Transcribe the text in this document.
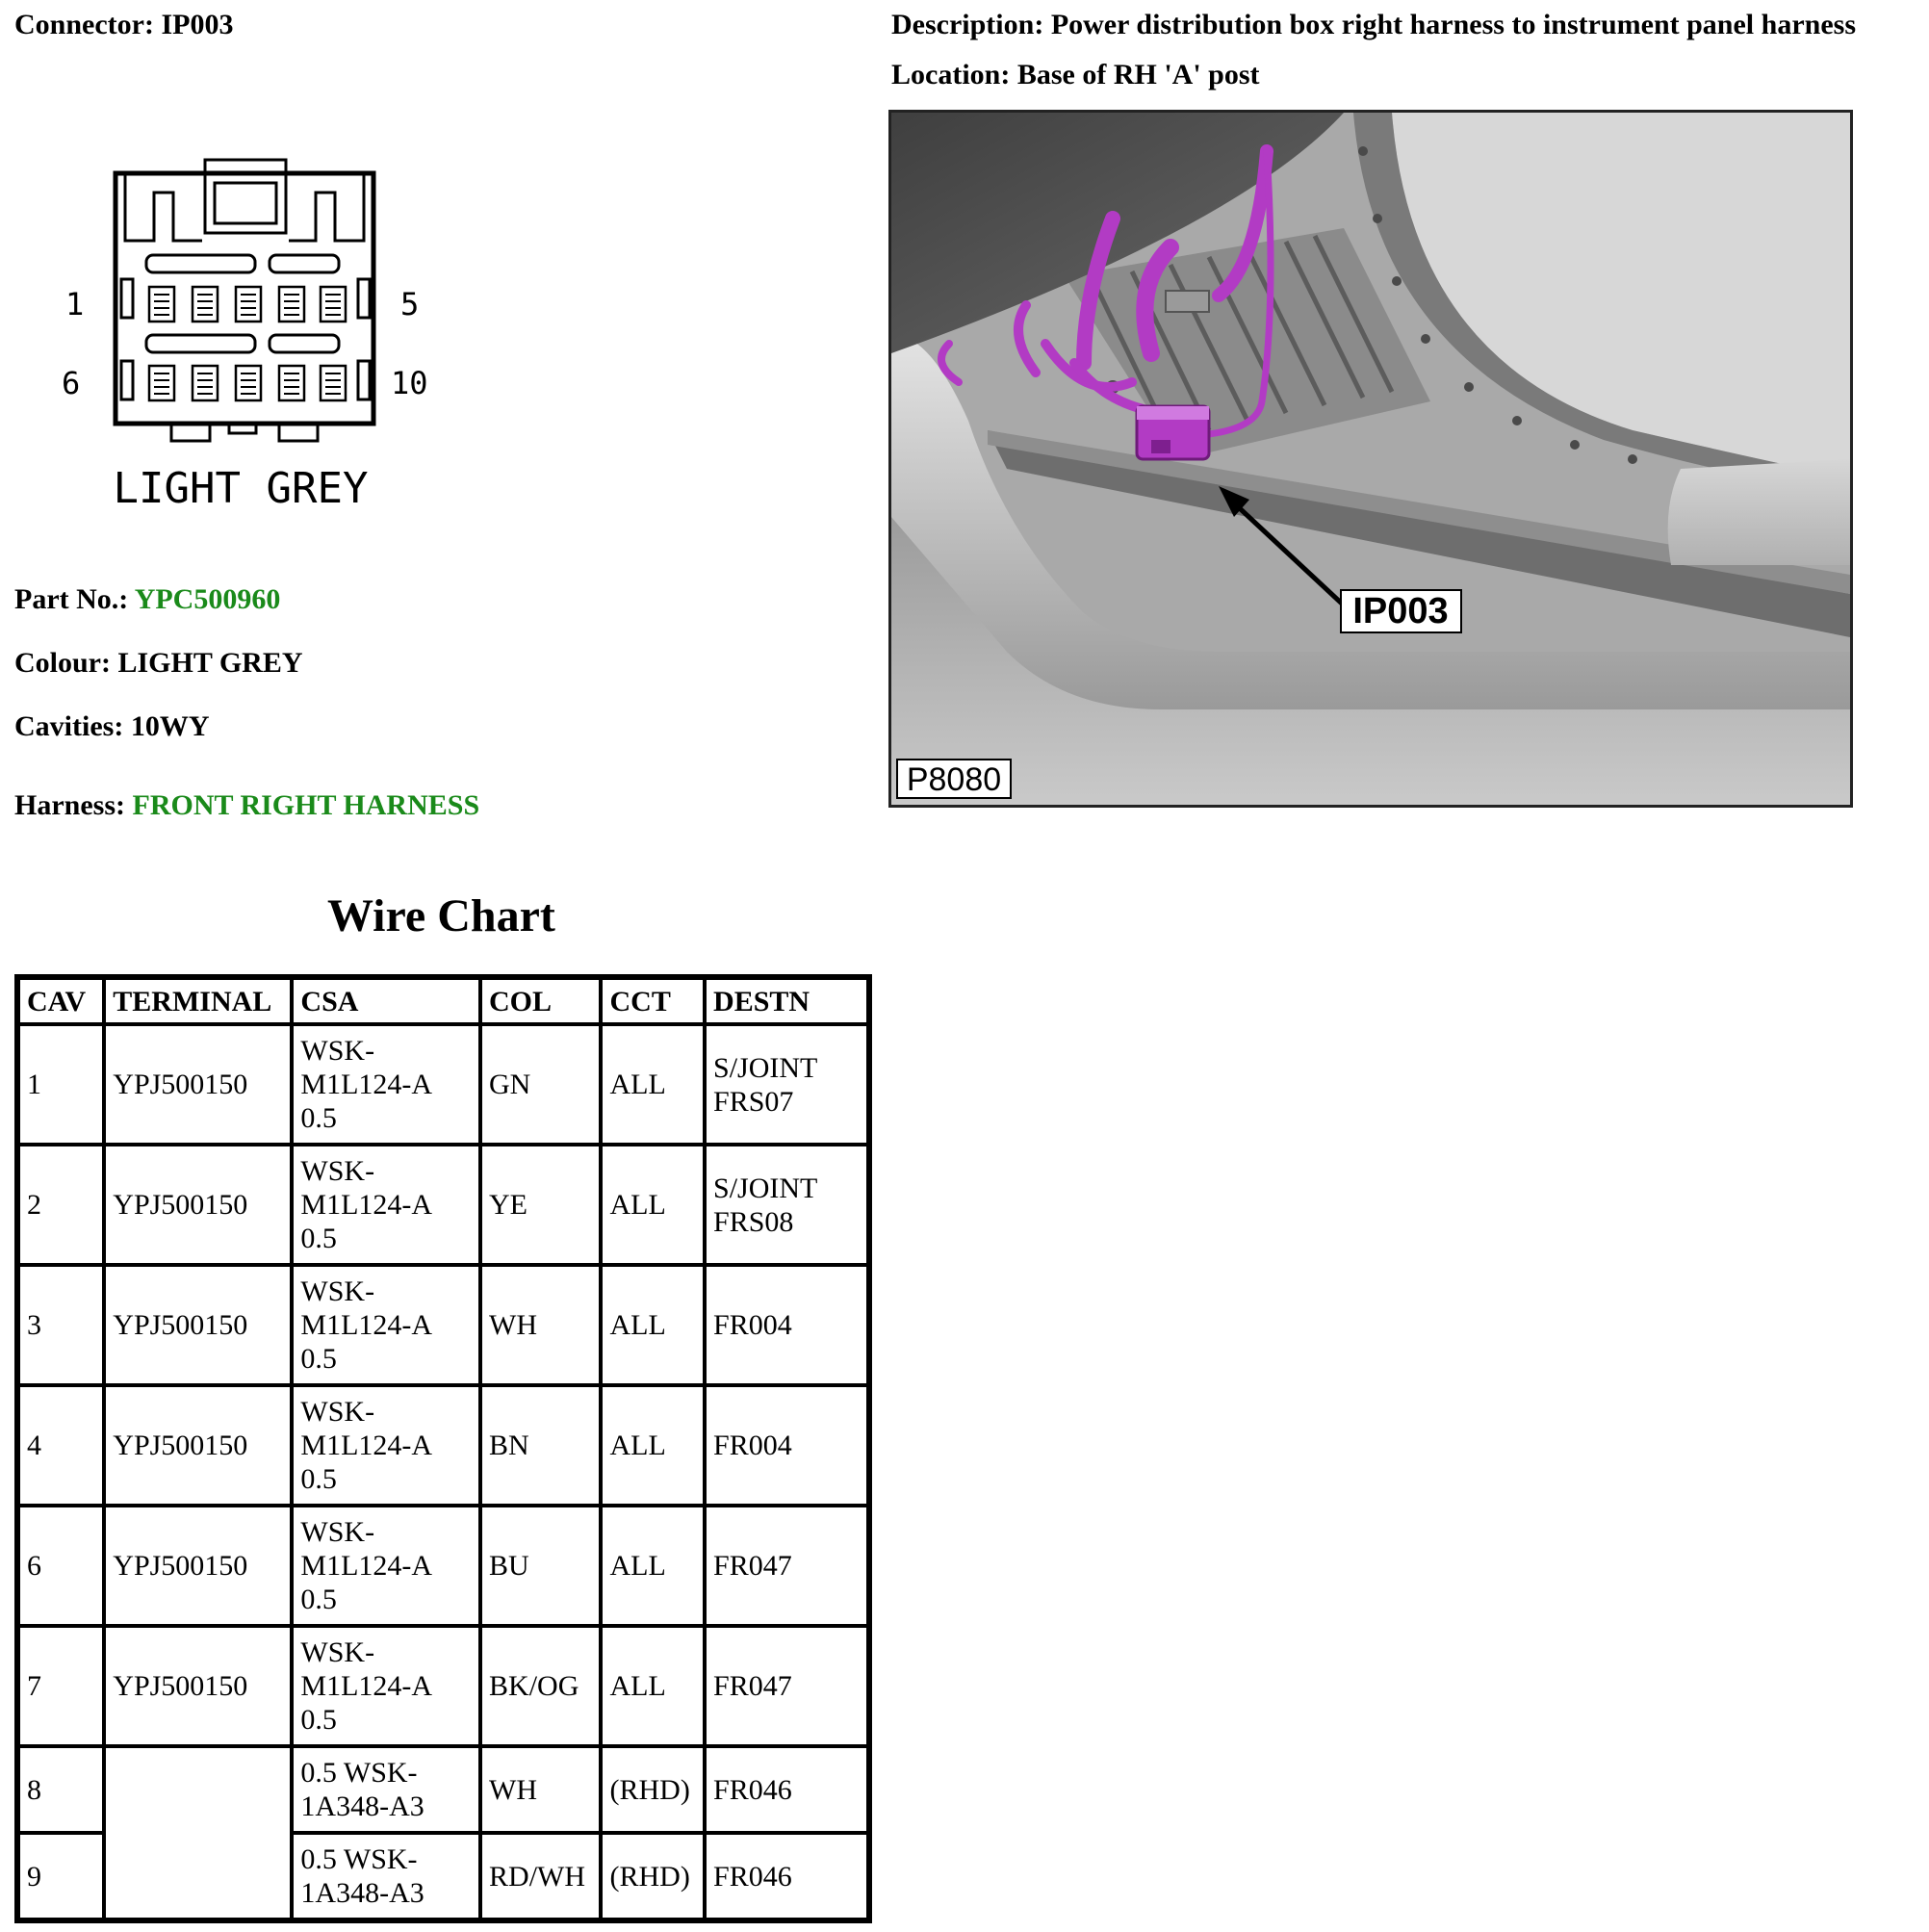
Connector: IP003	Description: Power distribution box right harness to instrument panel harness
Location: Base of RH 'A' post
1	5
6	10
LIGHT GREY
Part No.: YPC500960
Colour: LIGHT GREY
Cavities: 10WY
Harness: FRONT RIGHT HARNESS
IP003
P8080
Wire Chart
CAV	TERMINAL	CSA	COL	CCT	DESTN
1	YPJ500150	WSK-
M1L124-A
0.5	GN	ALL	S/JOINT
FRS07
2	YPJ500150	WSK-
M1L124-A
0.5	YE	ALL	S/JOINT
FRS08
3	YPJ500150	WSK-
M1L124-A
0.5	WH	ALL	FR004
4	YPJ500150	WSK-
M1L124-A
0.5	BN	ALL	FR004
6	YPJ500150	WSK-
M1L124-A
0.5	BU	ALL	FR047
7	YPJ500150	WSK-
M1L124-A
0.5	BK/OG	ALL	FR047
8		0.5 WSK-
1A348-A3	WH	(RHD)	FR046
9		0.5 WSK-
1A348-A3	RD/WH	(RHD)	FR046
